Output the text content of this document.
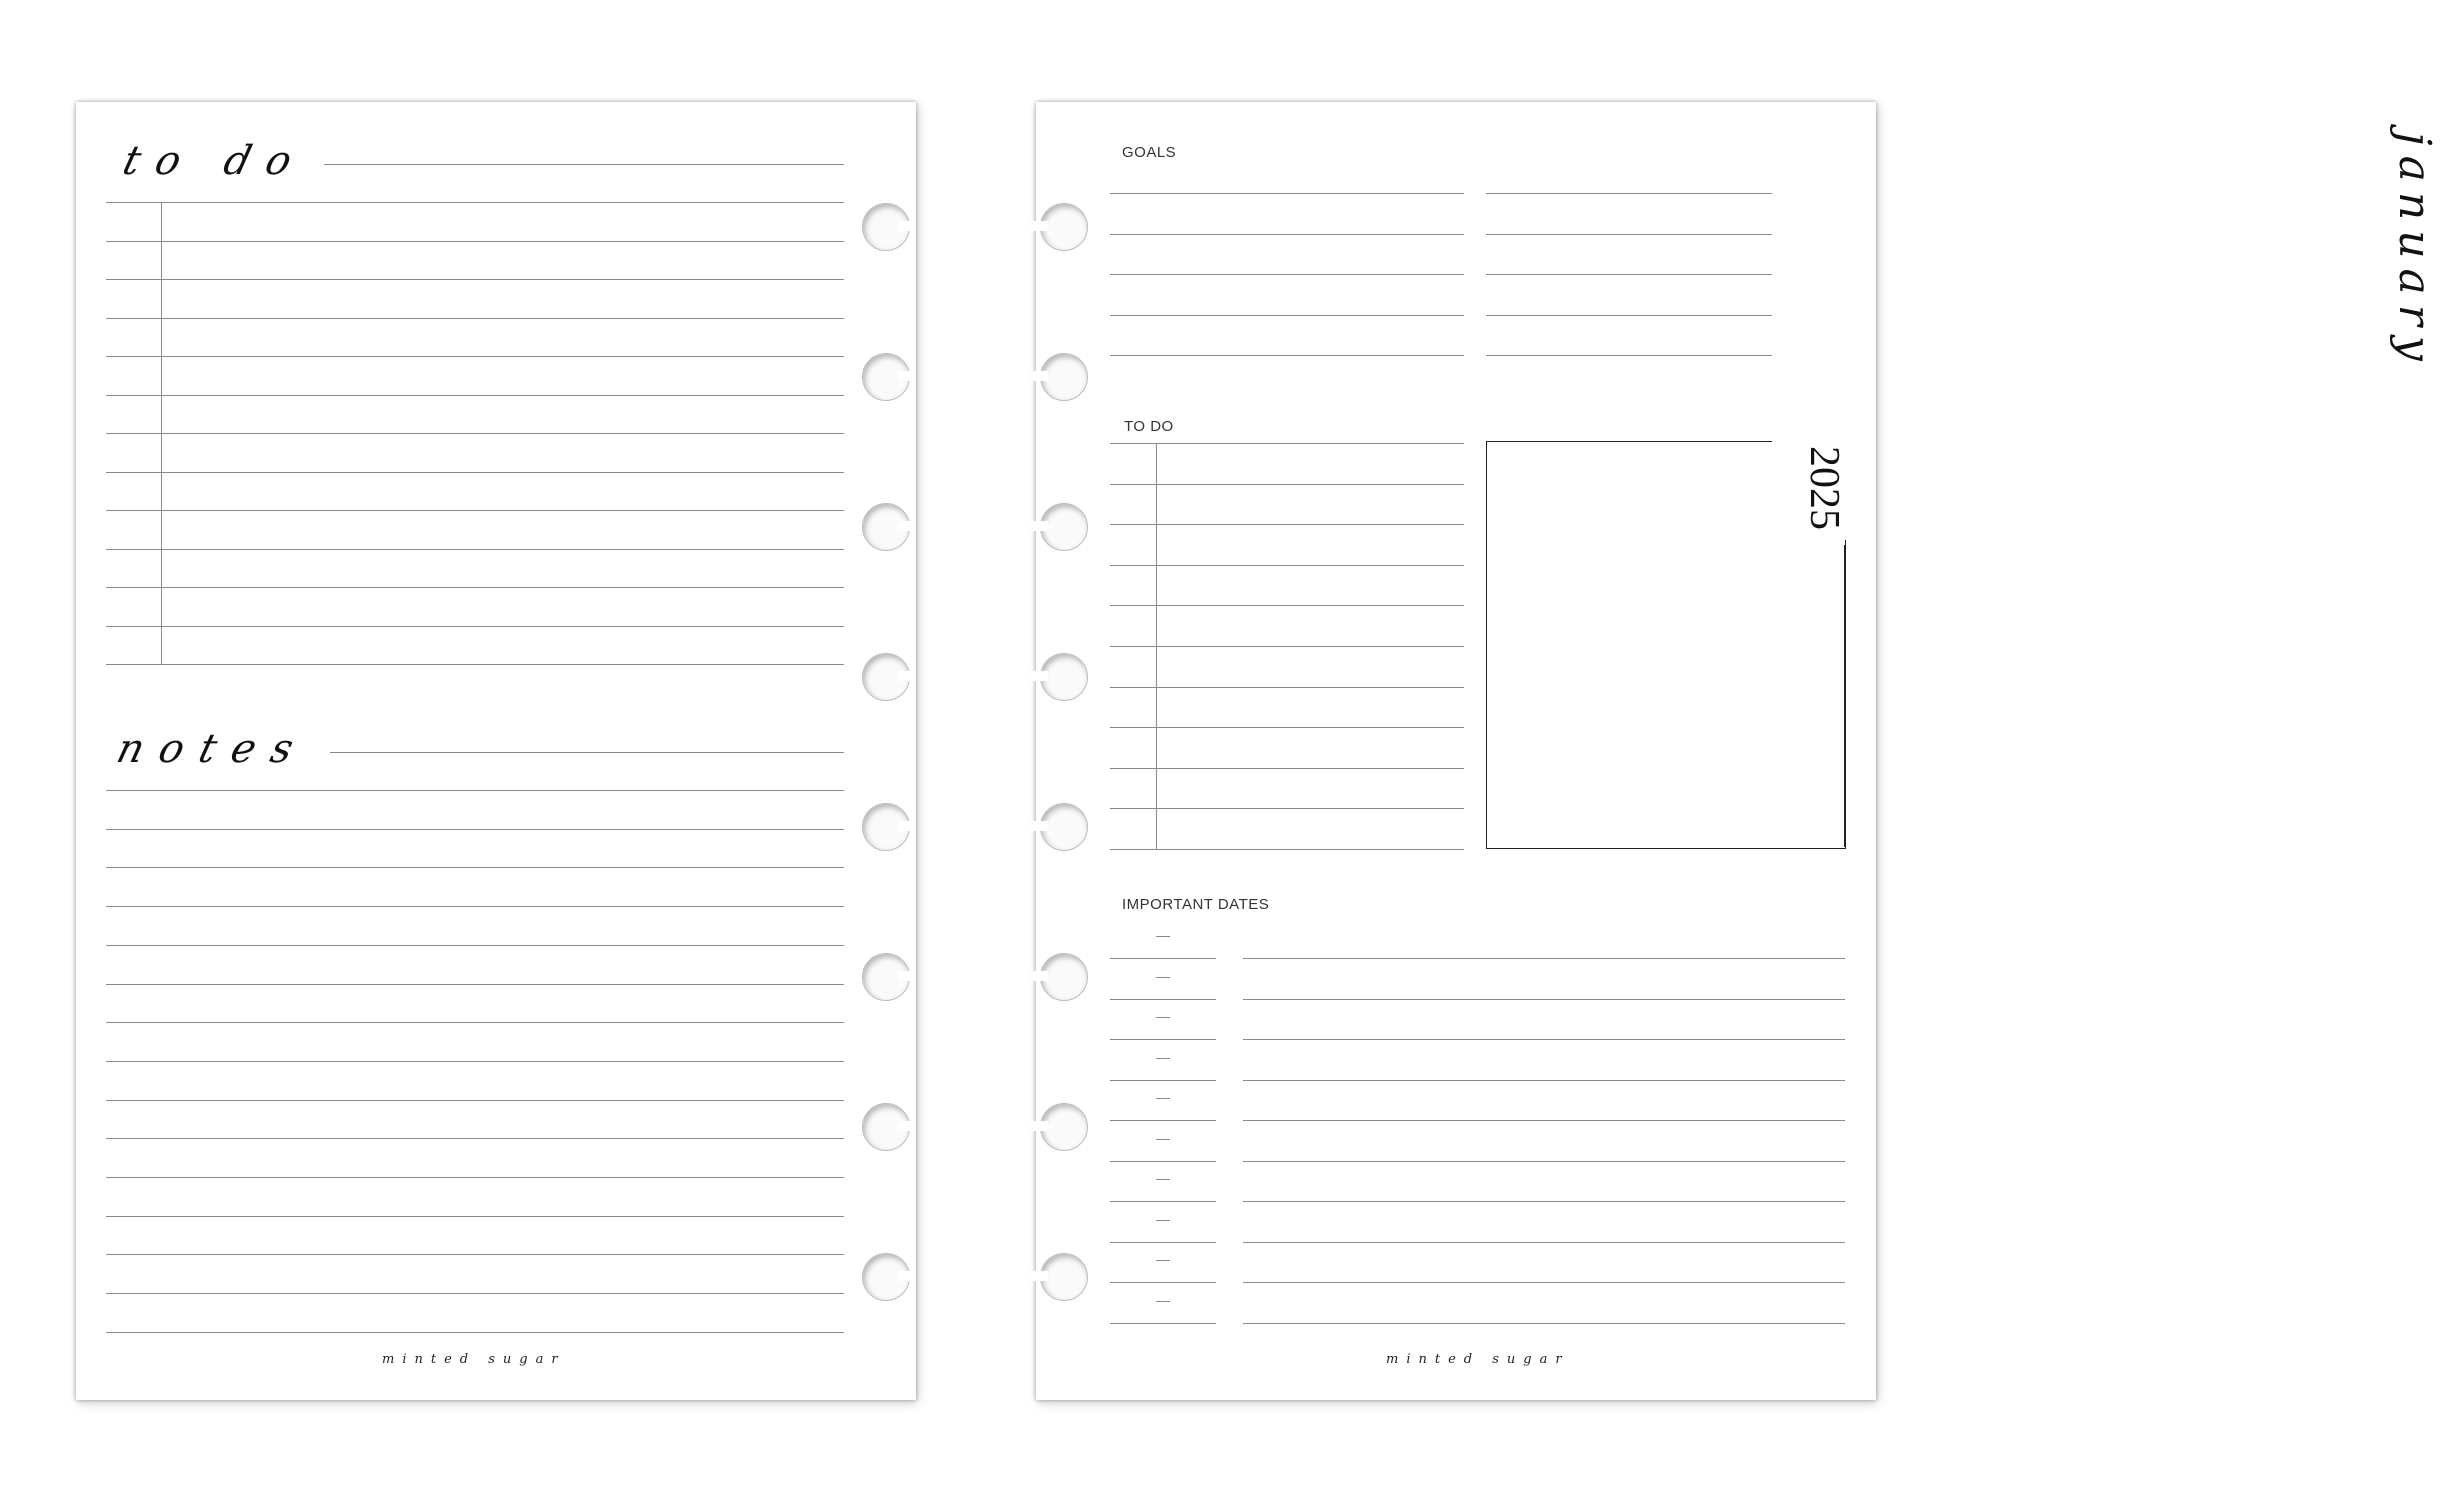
to do
notes
minted sugar
GOALS	january
TO DO
2025
IMPORTANT DATES
minted sugar
